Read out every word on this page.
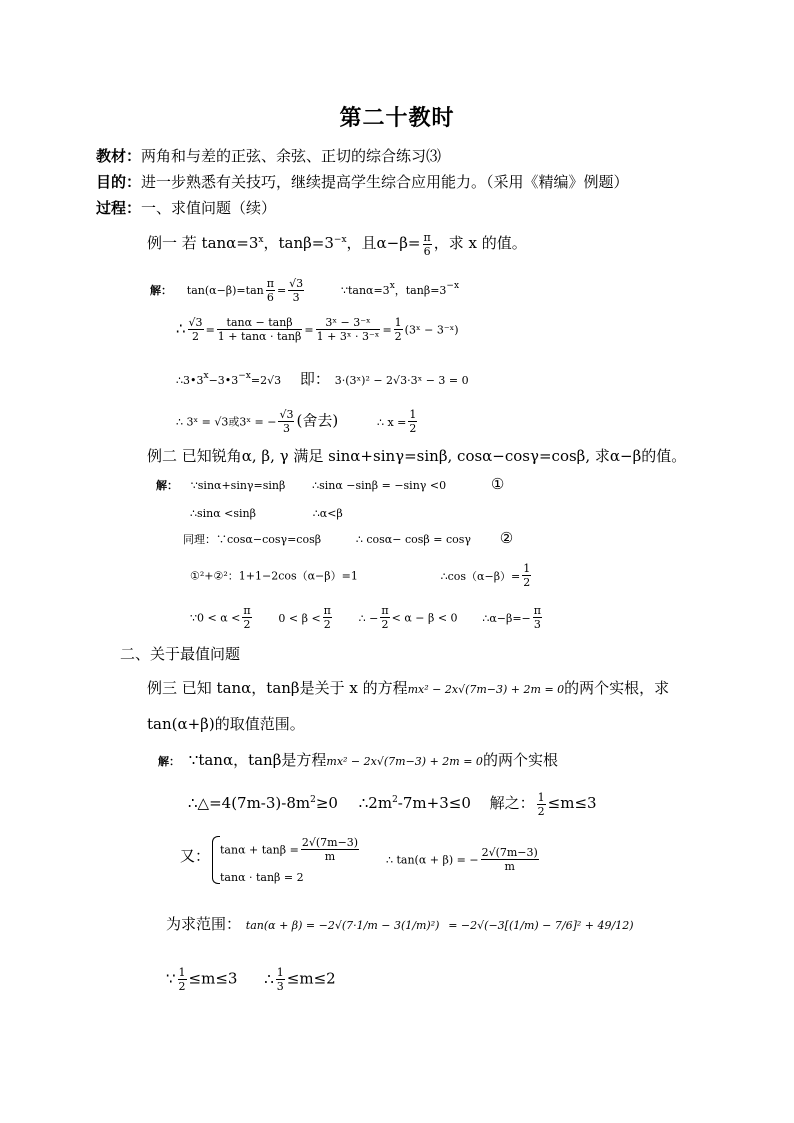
第二十教时
教材：两角和与差的正弦、余弦、正切的综合练习⑶
目的：进一步熟悉有关技巧，继续提高学生综合应用能力。（采用《精编》例题）
过程：一、求值问题（续）
例一 若 $\tan\alpha=3^x$，$\tan\beta=3^{-x}$，且$\alpha-\beta= \frac{\pi}{6}$ ，求 x 的值。
解： $\tan(\alpha-\beta)=\tan \frac{\pi}{6} = \frac{√3}{3}$	$\because\tan\alpha=3^x$，$\tan\beta=3^{-x}$
∴ $\frac{√3}{2} = \frac{\tan\alpha - \tan\beta}{1 + \tan\alpha \cdot \tan\beta} = \frac{\text{3ˣ − 3⁻ˣ}}{\text{1 + 3ˣ · 3⁻ˣ}} = \frac{1}{2}$ (3ˣ − 3⁻ˣ)
$\therefore 3•3^x-3•3^{-x}=2√3$ 即： 3·(3ˣ)² − 2√3·3ˣ − 3 = 0
∴ 3ˣ = √3或3ˣ = − $\frac{√3}{3}$ (舍去)	∴ $x = \frac{1}{2}$
例二 已知锐角α, β, γ 满足 sinα+sinγ=sinβ, cosα−cosγ=cosβ, 求α−β的值。
解： ∵sinα+sinγ=sinβ ∴sinα −sinβ = −sinγ <0	①
∴sinα <sinβ	∴α<β
同理：∵cosα−cosγ=cosβ	∴ cosα− cosβ = cosγ ②
①²+②²：1+1−2cos（α−β）=1	∴cos（α−β）= $\frac{1}{2}$
∵0 < $\alpha < \frac{\pi}{2} 0 < \beta < \frac{\pi}{2}$ ∴ − $\frac{\pi}{2} < \alpha - \beta < 0$ ∴α−β=− $\frac{\pi}{3}$
二、关于最值问题
例三 已知 tanα，tanβ是关于 x 的方程mx² − 2x√(7m−3) + 2m = 0的两个实根，求
tan(α+β)的取值范围。
解： ∵tanα，tanβ是方程mx² − 2x√(7m−3) + 2m = 0的两个实根
$\therefore\triangle=4(7m-3)-8m^2\ge 0$ $\therefore 2m^2-7m+3\le 0$ 解之： $\frac{1}{2} \le m\le 3$
又： $\tan\alpha + \tan\beta = \frac{2√(7m-3)}{m}$
tanα · tanβ = 2
∴ tan(α + β) = − $\frac{2√(7m-3)}{m}$
为求范围： tan(α + β) = −2√(7·1/m − 3(1/m)²) = −2√(−3[(1/m) − 7/6]² + 49/12)
∵ $\frac{1}{2} \le m\le 3$ ∴ $\frac{1}{3} \le m\le 2$
